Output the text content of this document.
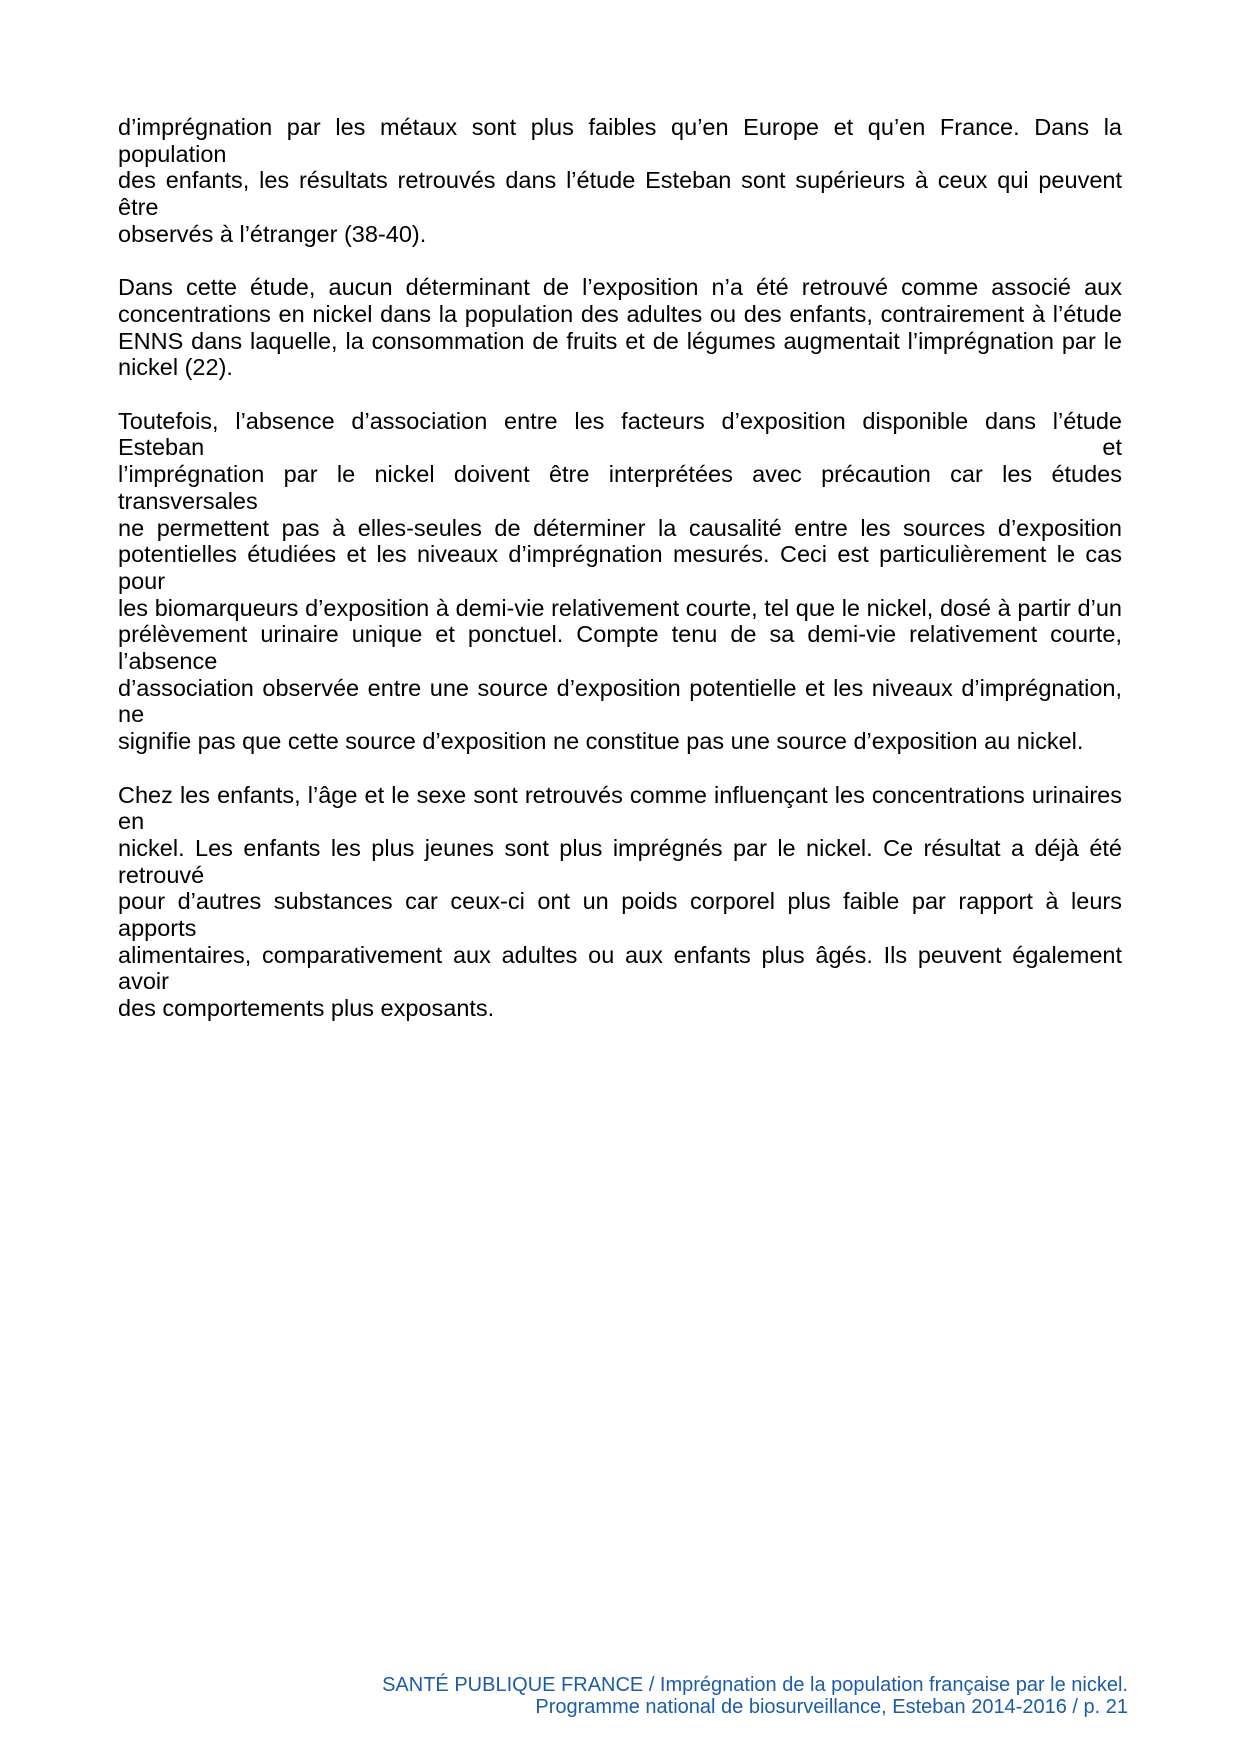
d’imprégnation par les métaux sont plus faibles qu’en Europe et qu’en France. Dans la population
des enfants, les résultats retrouvés dans l’étude Esteban sont supérieurs à ceux qui peuvent être
observés à l’étranger (38-40).

Dans cette étude, aucun déterminant de l’exposition n’a été retrouvé comme associé aux
concentrations en nickel dans la population des adultes ou des enfants, contrairement à l’étude
ENNS dans laquelle, la consommation de fruits et de légumes augmentait l’imprégnation par le
nickel (22).

Toutefois, l’absence d’association entre les facteurs d’exposition disponible dans l’étude Esteban et
l’imprégnation par le nickel doivent être interprétées avec précaution car les études transversales
ne permettent pas à elles-seules de déterminer la causalité entre les sources d’exposition
potentielles étudiées et les niveaux d’imprégnation mesurés. Ceci est particulièrement le cas pour
les biomarqueurs d’exposition à demi-vie relativement courte, tel que le nickel, dosé à partir d’un
prélèvement urinaire unique et ponctuel. Compte tenu de sa demi-vie relativement courte, l’absence
d’association observée entre une source d’exposition potentielle et les niveaux d’imprégnation, ne
signifie pas que cette source d’exposition ne constitue pas une source d’exposition au nickel.

Chez les enfants, l’âge et le sexe sont retrouvés comme influençant les concentrations urinaires en
nickel. Les enfants les plus jeunes sont plus imprégnés par le nickel. Ce résultat a déjà été retrouvé
pour d’autres substances car ceux-ci ont un poids corporel plus faible par rapport à leurs apports
alimentaires, comparativement aux adultes ou aux enfants plus âgés. Ils peuvent également avoir
des comportements plus exposants.

SANTÉ PUBLIQUE FRANCE / Imprégnation de la population française par le nickel.
Programme national de biosurveillance, Esteban 2014-2016 / p. 21
